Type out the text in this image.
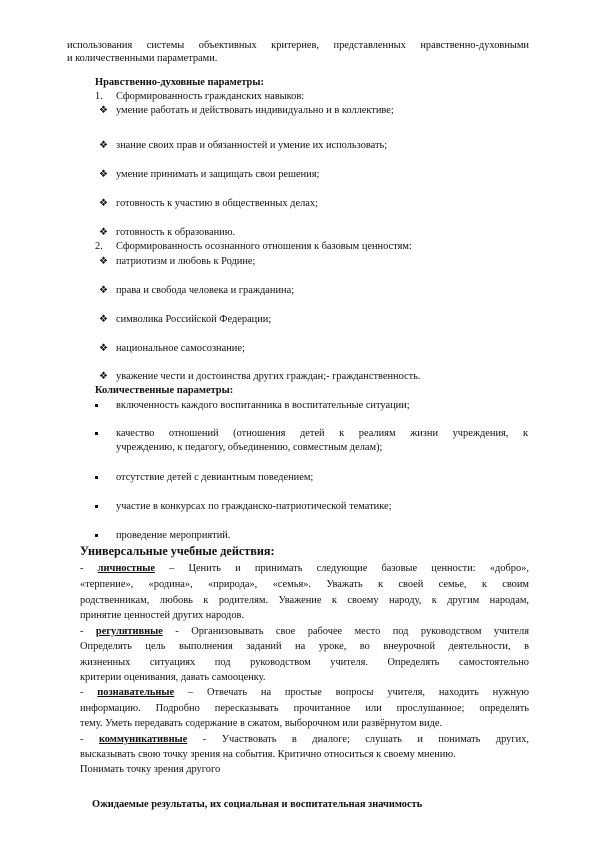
использования системы объективных критериев, представленных нравственно-духовными
и количественными параметрами.
Нравственно-духовные параметры:
1. Сформированность гражданских навыков:
❖ умение работать и действовать индивидуально и в коллективе;
❖ знание своих прав и обязанностей и умение их использовать;
❖ умение принимать и защищать свои решения;
❖ готовность к участию в общественных делах;
❖ готовность к образованию.
2. Сформированность осознанного отношения к базовым ценностям:
❖ патриотизм и любовь к Родине;
❖ права и свобода человека и гражданина;
❖ символика Российской Федерации;
❖ национальное самосознание;
❖ уважение чести и достоинства других граждан;- гражданственность.
Количественные параметры:
включенность каждого воспитанника в воспитательные ситуации;
качество отношений (отношения детей к реалиям жизни учреждения, к
учреждению, к педагогу, объединению, совместным делам);
отсутствие детей с девиантным поведением;
участие в конкурсах по гражданско-патриотической тематике;
проведение мероприятий.
Универсальные учебные действия:
- личностные – Ценить и принимать следующие базовые ценности: «добро»,
«терпение», «родина», «природа», «семья». Уважать к своей семье, к своим
родственникам, любовь к родителям. Уважение к своему народу, к другим народам,
принятие ценностей других народов.
- регулятивные - Организовывать свое рабочее место под руководством учителя
Определять цель выполнения заданий на уроке, во внеурочной деятельности, в
жизненных ситуациях под руководством учителя. Определять самостоятельно
критерии оценивания, давать самооценку.
- познавательные – Отвечать на простые вопросы учителя, находить нужную
информацию. Подробно пересказывать прочитанное или прослушанное; определять
тему. Уметь передавать содержание в сжатом, выборочном или развёрнутом виде.
- коммуникативные - Участвовать в диалоге; слушать и понимать других,
высказывать свою точку зрения на события. Критично относиться к своему мнению.
Понимать точку зрения другого
Ожидаемые результаты, их социальная и воспитательная значимость
